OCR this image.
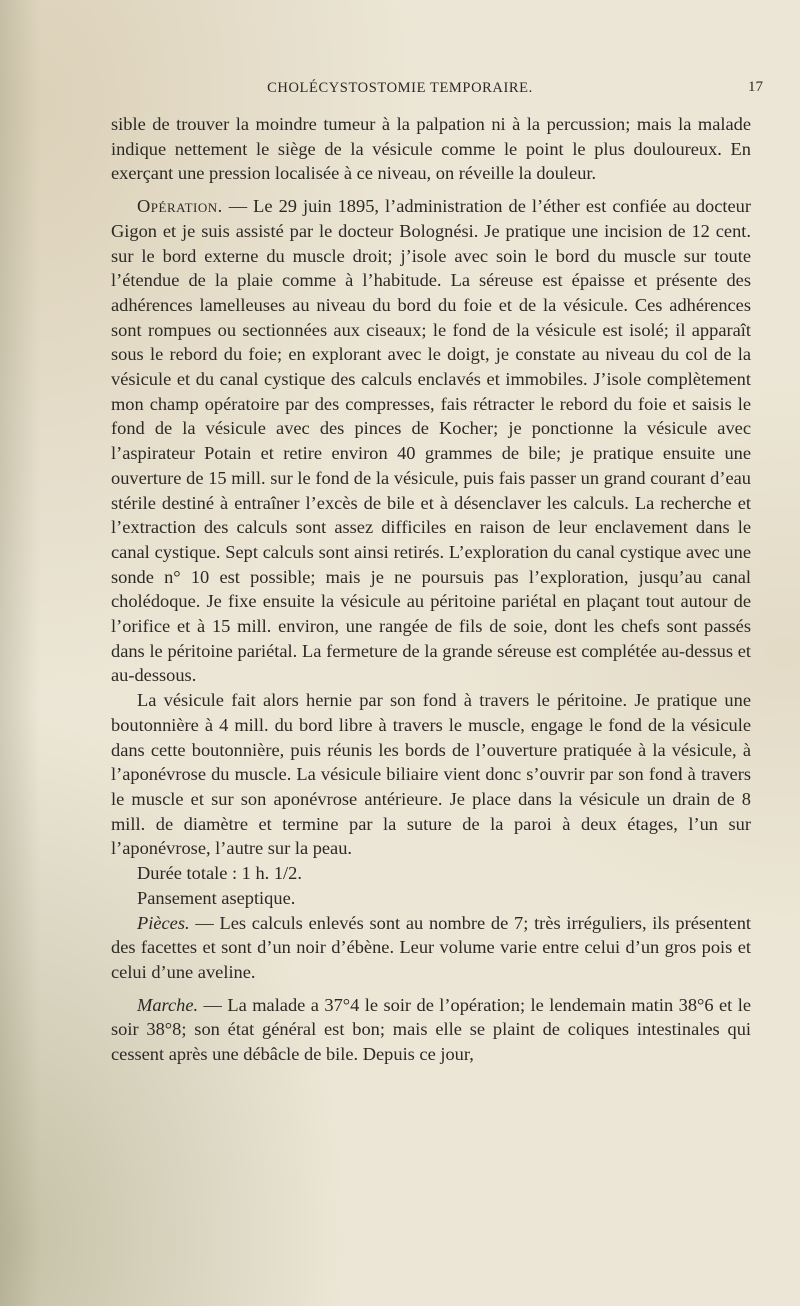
CHOLÉCYSTOSTOMIE TEMPORAIRE.	17

sible de trouver la moindre tumeur à la palpation ni à la percussion; mais la malade indique nettement le siège de la vésicule comme le point le plus douloureux. En exerçant une pression localisée à ce niveau, on réveille la douleur.

Opération. — Le 29 juin 1895, l’administration de l’éther est confiée au docteur Gigon et je suis assisté par le docteur Bolognési. Je pratique une incision de 12 cent. sur le bord externe du muscle droit; j’isole avec soin le bord du muscle sur toute l’étendue de la plaie comme à l’habitude. La séreuse est épaisse et présente des adhérences lamelleuses au niveau du bord du foie et de la vésicule. Ces adhérences sont rompues ou sectionnées aux ciseaux; le fond de la vésicule est isolé; il apparaît sous le rebord du foie; en explorant avec le doigt, je constate au niveau du col de la vésicule et du canal cystique des calculs enclavés et immobiles. J’isole complètement mon champ opératoire par des compresses, fais rétracter le rebord du foie et saisis le fond de la vésicule avec des pinces de Kocher; je ponctionne la vésicule avec l’aspirateur Potain et retire environ 40 grammes de bile; je pratique ensuite une ouverture de 15 mill. sur le fond de la vésicule, puis fais passer un grand courant d’eau stérile destiné à entraîner l’excès de bile et à désenclaver les calculs. La recherche et l’extraction des calculs sont assez difficiles en raison de leur enclavement dans le canal cystique. Sept calculs sont ainsi retirés. L’exploration du canal cystique avec une sonde n° 10 est possible; mais je ne poursuis pas l’exploration, jusqu’au canal cholédoque. Je fixe ensuite la vésicule au péritoine pariétal en plaçant tout autour de l’orifice et à 15 mill. environ, une rangée de fils de soie, dont les chefs sont passés dans le péritoine pariétal. La fermeture de la grande séreuse est complétée au-dessus et au-dessous.

La vésicule fait alors hernie par son fond à travers le péritoine. Je pratique une boutonnière à 4 mill. du bord libre à travers le muscle, engage le fond de la vésicule dans cette boutonnière, puis réunis les bords de l’ouverture pratiquée à la vésicule, à l’aponévrose du muscle. La vésicule biliaire vient donc s’ouvrir par son fond à travers le muscle et sur son aponévrose antérieure. Je place dans la vésicule un drain de 8 mill. de diamètre et termine par la suture de la paroi à deux étages, l’un sur l’aponévrose, l’autre sur la peau.

Durée totale : 1 h. 1/2.

Pansement aseptique.

Pièces. — Les calculs enlevés sont au nombre de 7; très irréguliers, ils présentent des facettes et sont d’un noir d’ébène. Leur volume varie entre celui d’un gros pois et celui d’une aveline.

Marche. — La malade a 37°4 le soir de l’opération; le lendemain matin 38°6 et le soir 38°8; son état général est bon; mais elle se plaint de coliques intestinales qui cessent après une débâcle de bile. Depuis ce jour,
